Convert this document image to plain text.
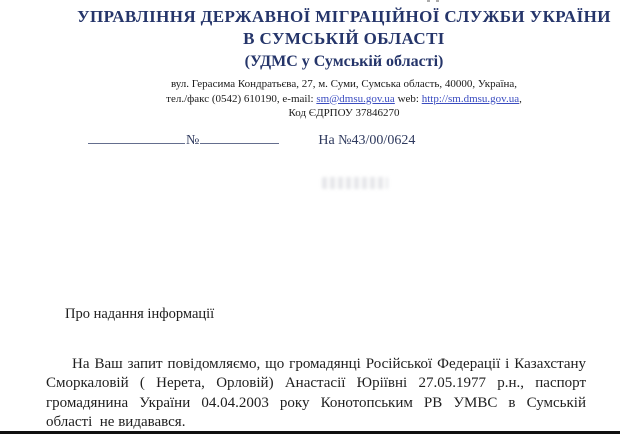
УПРАВЛІННЯ ДЕРЖАВНОЇ МІГРАЦІЙНОЇ СЛУЖБИ УКРАЇНИ
В СУМСЬКІЙ ОБЛАСТІ
(УДМС у Сумській області)
вул. Герасима Кондратьєва, 27, м. Суми, Сумська область, 40000, Україна,
тел./факс (0542) 610190, e-mail: sm@dmsu.gov.ua web: http://sm.dmsu.gov.ua,
Код ЄДРПОУ 37846270
№	На №43/00/0624
Про надання інформації
На Ваш запит повідомляємо, що громадянці Російської Федерації і Казахстану
Сморкаловій ( Нерета, Орловій) Анастасії Юріївні 27.05.1977 р.н., паспорт
громадянина України 04.04.2003 року Конотопським РВ УМВС в Сумській
області  не видавався.
